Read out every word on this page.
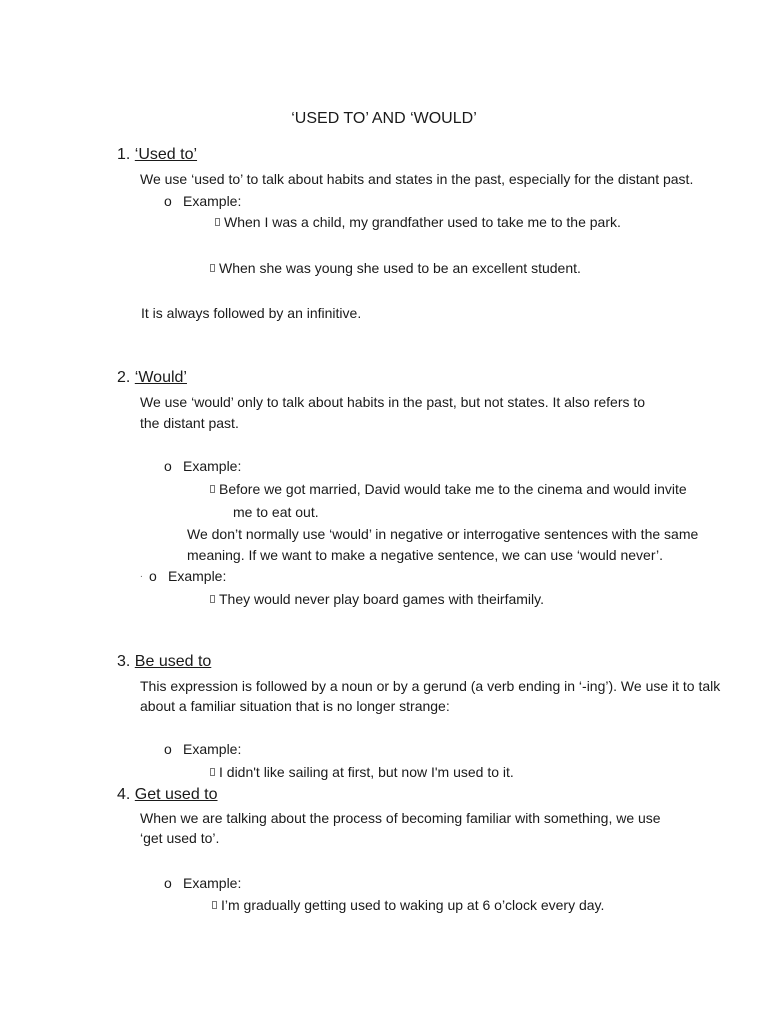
‘USED TO’ AND ‘WOULD’
1. ‘Used to’
We use ‘used to’ to talk about habits and states in the past, especially for the distant past.
o Example:
When I was a child, my grandfather used to take me to the park.
When she was young she used to be an excellent student.
It is always followed by an infinitive.
2. ‘Would’
We use ‘would’ only to talk about habits in the past, but not states. It also refers to
the distant past.
o Example:
Before we got married, David would take me to the cinema and would invite
me to eat out.
We don’t normally use ‘would’ in negative or interrogative sentences with the same
meaning. If we want to make a negative sentence, we can use ‘would never’.
. o Example:
They would never play board games with theirfamily.
3. Be used to
This expression is followed by a noun or by a gerund (a verb ending in ‘-ing’). We use it to talk
about a familiar situation that is no longer strange:
o Example:
I didn't like sailing at first, but now I'm used to it.
4. Get used to
When we are talking about the process of becoming familiar with something, we use
‘get used to’.
o Example:
I’m gradually getting used to waking up at 6 o’clock every day.
